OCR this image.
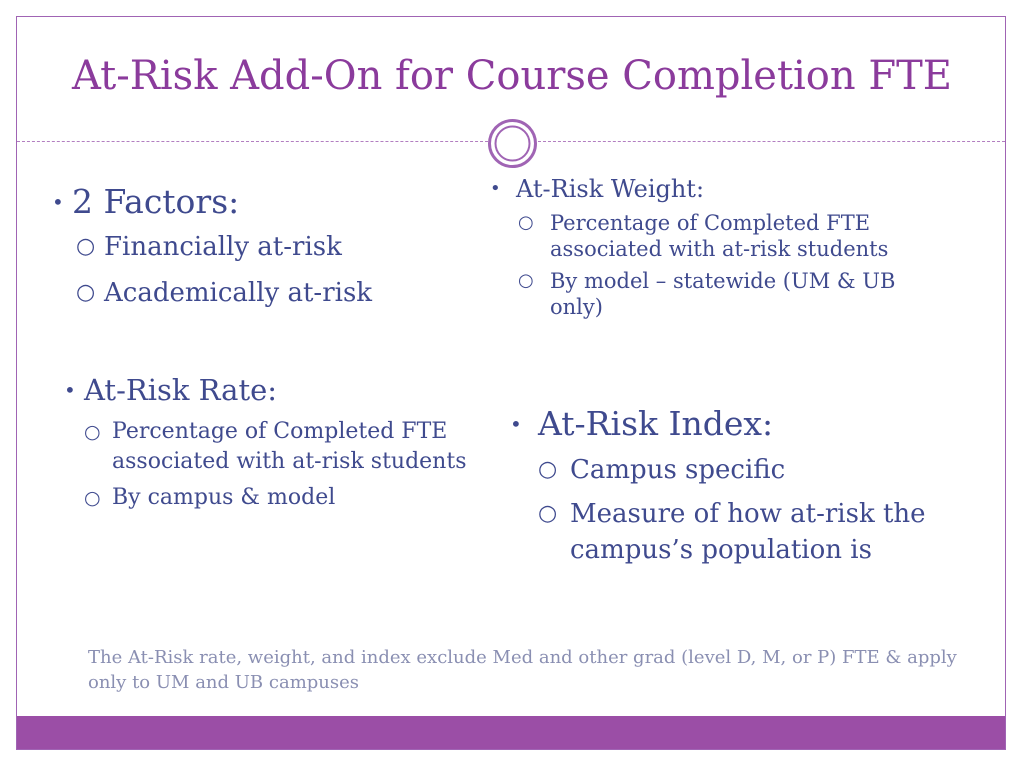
At-Risk Add-On for Course Completion FTE
• 2 Factors:
○ Financially at-risk
○ Academically at-risk
• At-Risk Rate:
○ Percentage of Completed FTE associated with at-risk students
○ By campus & model
• At-Risk Weight:
○ Percentage of Completed FTE associated with at-risk students
○ By model – statewide (UM & UB only)
• At-Risk Index:
○ Campus specific
○ Measure of how at-risk the campus’s population is

The At-Risk rate, weight, and index exclude Med and other grad (level D, M, or P) FTE & apply only to UM and UB campuses
